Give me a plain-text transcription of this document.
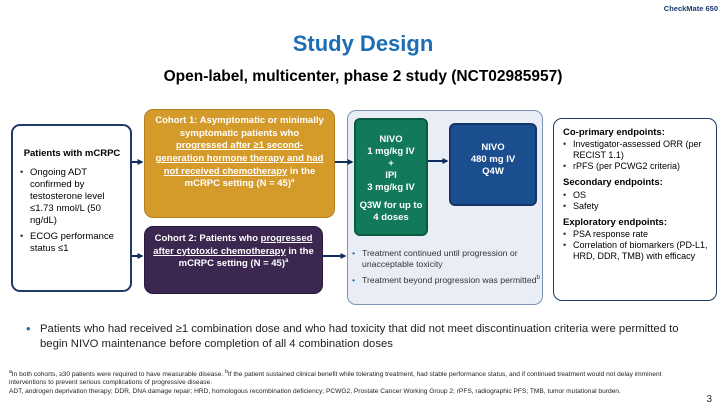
CheckMate 650
Study Design
Open-label, multicenter, phase 2 study (NCT02985957)
Patients with mCRPC
• Ongoing ADT confirmed by testosterone level ≤1.73 nmol/L (50 ng/dL)
• ECOG performance status ≤1
Cohort 1: Asymptomatic or minimally symptomatic patients who progressed after ≥1 second-generation hormone therapy and had not received chemotherapy in the mCRPC setting (N = 45)$^a$
Cohort 2: Patients who progressed after cytotoxic chemotherapy in the mCRPC setting (N = 45)$^a$
NIVO
1 mg/kg IV
+
IPI
3 mg/kg IV
Q3W for up to 4 doses
NIVO
480 mg IV
Q4W
• Treatment continued until progression or unacceptable toxicity
• Treatment beyond progression was permitted$^b$
Co-primary endpoints:
• Investigator-assessed ORR (per RECIST 1.1)
• rPFS (per PCWG2 criteria)
Secondary endpoints:
• OS
• Safety
Exploratory endpoints:
• PSA response rate
• Correlation of biomarkers (PD-L1, HRD, DDR, TMB) with efficacy
• Patients who had received ≥1 combination dose and who had toxicity that did not meet discontinuation criteria were permitted to begin NIVO maintenance before completion of all 4 combination doses
$^a$In both cohorts, ≥30 patients were required to have measurable disease. $^b$If the patient sustained clinical benefit while tolerating treatment, had stable performance status, and if continued treatment would not delay imminent interventions to prevent serious complications of progressive disease.
ADT, androgen deprivation therapy; DDR, DNA damage repair; HRD, homologous recombination deficiency; PCWG2, Prostate Cancer Working Group 2; rPFS, radiographic PFS; TMB, tumor mutational burden.
3
